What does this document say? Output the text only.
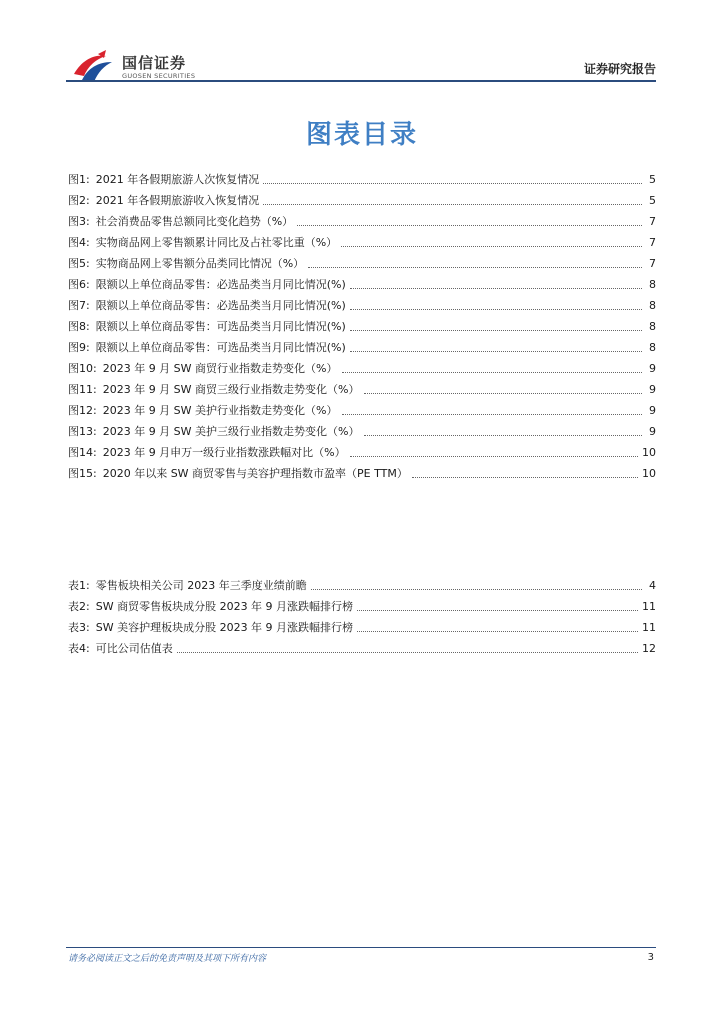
国信证券
GUOSEN SECURITIES	证券研究报告
图表目录
图1: 2021 年各假期旅游人次恢复情况	5
图2: 2021 年各假期旅游收入恢复情况	5
图3: 社会消费品零售总额同比变化趋势（%）	7
图4: 实物商品网上零售额累计同比及占社零比重（%）	7
图5: 实物商品网上零售额分品类同比情况（%）	7
图6: 限额以上单位商品零售：必选品类当月同比情况(%)	8
图7: 限额以上单位商品零售：必选品类当月同比情况(%)	8
图8: 限额以上单位商品零售：可选品类当月同比情况(%)	8
图9: 限额以上单位商品零售：可选品类当月同比情况(%)	8
图10: 2023 年 9 月 SW 商贸行业指数走势变化（%）	9
图11: 2023 年 9 月 SW 商贸三级行业指数走势变化（%）	9
图12: 2023 年 9 月 SW 美护行业指数走势变化（%）	9
图13: 2023 年 9 月 SW 美护三级行业指数走势变化（%）	9
图14: 2023 年 9 月申万一级行业指数涨跌幅对比（%）	10
图15: 2020 年以来 SW 商贸零售与美容护理指数市盈率（PE TTM）	10
表1: 零售板块相关公司 2023 年三季度业绩前瞻	4
表2: SW 商贸零售板块成分股 2023 年 9 月涨跌幅排行榜	11
表3: SW 美容护理板块成分股 2023 年 9 月涨跌幅排行榜	11
表4: 可比公司估值表	12
请务必阅读正文之后的免责声明及其项下所有内容	3
